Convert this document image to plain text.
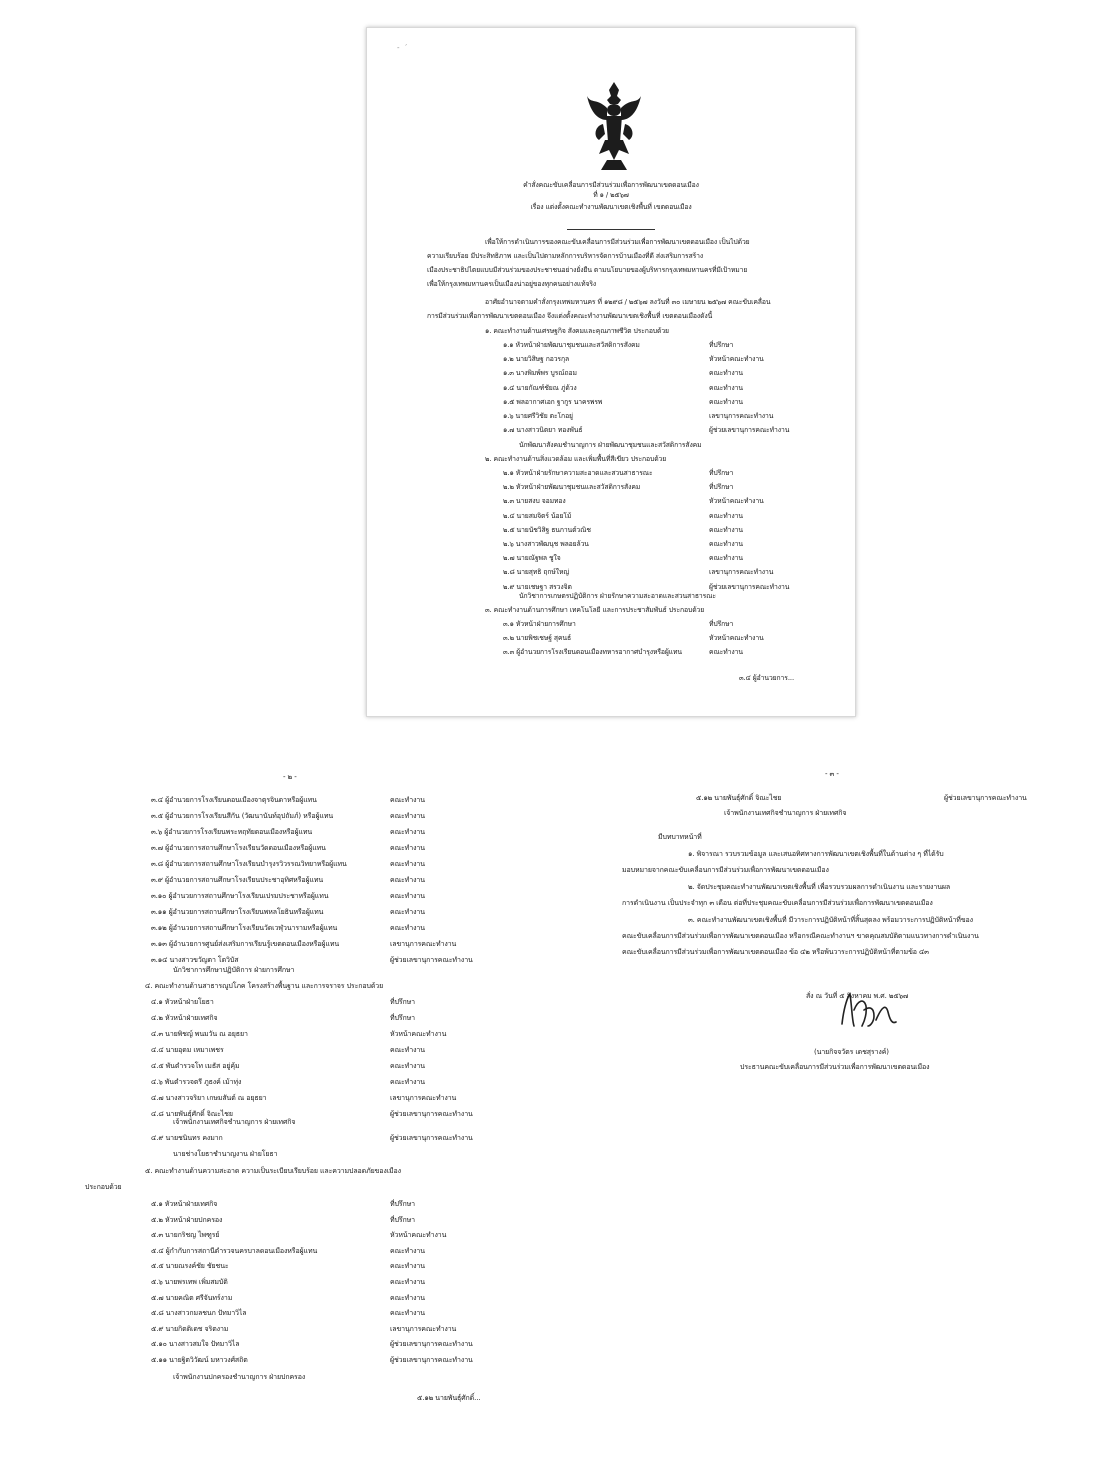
-  ´
คำสั่งคณะขับเคลื่อนการมีส่วนร่วมเพื่อการพัฒนาเขตดอนเมือง
ที่ ๑ / ๒๕๖๗
เรื่อง แต่งตั้งคณะทำงานพัฒนาเขตเชิงพื้นที่ เขตดอนเมือง
เพื่อให้การดำเนินการของคณะขับเคลื่อนการมีส่วนร่วมเพื่อการพัฒนาเขตดอนเมือง เป็นไปด้วย
ความเรียบร้อย มีประสิทธิภาพ และเป็นไปตามหลักการบริหารจัดการบ้านเมืองที่ดี ส่งเสริมการสร้าง
เมืองประชาธิปไตยแบบมีส่วนร่วมของประชาชนอย่างยั่งยืน ตามนโยบายของผู้บริหารกรุงเทพมหานครที่มีเป้าหมาย
เพื่อให้กรุงเทพมหานครเป็นเมืองน่าอยู่ของทุกคนอย่างแท้จริง
อาศัยอำนาจตามคำสั่งกรุงเทพมหานคร ที่ ๑๒๙๘ / ๒๕๖๗ ลงวันที่ ๓๐ เมษายน ๒๕๖๗ คณะขับเคลื่อน
การมีส่วนร่วมเพื่อการพัฒนาเขตดอนเมือง จึงแต่งตั้งคณะทำงานพัฒนาเขตเชิงพื้นที่ เขตดอนเมืองดังนี้
๑. คณะทำงานด้านเศรษฐกิจ สังคมและคุณภาพชีวิต ประกอบด้วย
๑.๑ หัวหน้าฝ่ายพัฒนาชุมชนและสวัสดิการสังคม	ที่ปรึกษา
๑.๒ นายวิสิษฐ กอวรกุล	หัวหน้าคณะทำงาน
๑.๓ นางพิมพ์พร บูรณ์ถอม	คณะทำงาน
๑.๔ นายกัณฑ์ชัยณ ภู่ด้วง	คณะทำงาน
๑.๕ พลอากาศเอก ฐากูร นาครพรพ	คณะทำงาน
๑.๖ นายศรีวิชัย ตะโกอยู่	เลขานุการคณะทำงาน
๑.๗ นางสาวนิตยา ทองพันธ์	ผู้ช่วยเลขานุการคณะทำงาน
นักพัฒนาสังคมชำนาญการ ฝ่ายพัฒนาชุมชนและสวัสดิการสังคม
๒. คณะทำงานด้านสิ่งแวดล้อม และเพิ่มพื้นที่สีเขียว ประกอบด้วย
๒.๑ หัวหน้าฝ่ายรักษาความสะอาดและสวนสาธารณะ	ที่ปรึกษา
๒.๒ หัวหน้าฝ่ายพัฒนาชุมชนและสวัสดิการสังคม	ที่ปรึกษา
๒.๓ นายสงบ จอมทอง	หัวหน้าคณะทำงาน
๒.๔ นายสมจิตร์ น้อยโม้	คณะทำงาน
๒.๕ นายนัชวิสิฐ ธนกานต์วณิช	คณะทำงาน
๒.๖ นางสาวพัฒนุช พลอยล้วน	คณะทำงาน
๒.๗ นายณัฐพล ชูใจ	คณะทำงาน
๒.๘ นายสุทธิ ฤกษ์ใหญ่	เลขานุการคณะทำงาน
๒.๙ นายเชษฐา สรวงจิต	ผู้ช่วยเลขานุการคณะทำงาน
นักวิชาการเกษตรปฏิบัติการ ฝ่ายรักษาความสะอาดและสวนสาธารณะ
๓. คณะทำงานด้านการศึกษา เทคโนโลยี และการประชาสัมพันธ์ ประกอบด้วย
๓.๑ หัวหน้าฝ่ายการศึกษา	ที่ปรึกษา
๓.๒ นายพิชเชษฐ์ สุคนธ์	หัวหน้าคณะทำงาน
๓.๓ ผู้อำนวยการโรงเรียนดอนเมืองทหารอากาศบำรุงหรือผู้แทน	คณะทำงาน
๓.๔ ผู้อำนวยการ...
- ๒ -
๓.๔ ผู้อำนวยการโรงเรียนดอนเมืองจาตุรจินดาหรือผู้แทน	คณะทำงาน
๓.๕ ผู้อำนวยการโรงเรียนสีกัน (วัฒนานันท์อุปถัมภ์) หรือผู้แทน	คณะทำงาน
๓.๖ ผู้อำนวยการโรงเรียนพระหฤทัยดอนเมืองหรือผู้แทน	คณะทำงาน
๓.๗ ผู้อำนวยการสถานศึกษาโรงเรียนวัดดอนเมืองหรือผู้แทน	คณะทำงาน
๓.๘ ผู้อำนวยการสถานศึกษาโรงเรียนบำรุงรวิวรรณวิทยาหรือผู้แทน	คณะทำงาน
๓.๙ ผู้อำนวยการสถานศึกษาโรงเรียนประชาอุทิศหรือผู้แทน	คณะทำงาน
๓.๑๐ ผู้อำนวยการสถานศึกษาโรงเรียนเปรมประชาหรือผู้แทน	คณะทำงาน
๓.๑๑ ผู้อำนวยการสถานศึกษาโรงเรียนพหลโยธินหรือผู้แทน	คณะทำงาน
๓.๑๒ ผู้อำนวยการสถานศึกษาโรงเรียนวัดเวฬุวนารามหรือผู้แทน	คณะทำงาน
๓.๑๓ ผู้อำนวยการศูนย์ส่งเสริมการเรียนรู้เขตดอนเมืองหรือผู้แทน	เลขานุการคณะทำงาน
๓.๑๔ นางสาวขวัญตา โตวิบัส	ผู้ช่วยเลขานุการคณะทำงาน
นักวิชาการศึกษาปฏิบัติการ ฝ่ายการศึกษา
๔. คณะทำงานด้านสาธารณูปโภค โครงสร้างพื้นฐาน และการจราจร ประกอบด้วย
๔.๑ หัวหน้าฝ่ายโยธา	ที่ปรึกษา
๔.๒ หัวหน้าฝ่ายเทศกิจ	ที่ปรึกษา
๔.๓ นายพิชญ์ พนมวัน ณ อยุธยา	หัวหน้าคณะทำงาน
๔.๔ นายอุดม เหมาเพชร	คณะทำงาน
๔.๕ พันตำรวจโท เมธัส อยู่คุ้ม	คณะทำงาน
๔.๖ พันตำรวจตรี ภูธงค์ เม้าทุ่ง	คณะทำงาน
๔.๗ นางสาวจริยา เกษมสันต์ ณ อยุธยา	เลขานุการคณะทำงาน
๔.๘ นายพันธุ์ศักดิ์ จิณะไชย	ผู้ช่วยเลขานุการคณะทำงาน
เจ้าพนักงานเทศกิจชำนาญการ ฝ่ายเทศกิจ
๔.๙ นายชนินทร คงมาก	ผู้ช่วยเลขานุการคณะทำงาน
นายช่างโยธาชำนาญงาน ฝ่ายโยธา
๕. คณะทำงานด้านความสะอาด ความเป็นระเบียบเรียบร้อย และความปลอดภัยของเมือง
ประกอบด้วย
๕.๑ หัวหน้าฝ่ายเทศกิจ	ที่ปรึกษา
๕.๒ หัวหน้าฝ่ายปกครอง	ที่ปรึกษา
๕.๓ นายกริชญ ไพฑูรย์	หัวหน้าคณะทำงาน
๕.๔ ผู้กำกับการสถานีตำรวจนครบาลดอนเมืองหรือผู้แทน	คณะทำงาน
๕.๕ นายณรงค์ชัย ชัยชนะ	คณะทำงาน
๕.๖ นายพรเทพ เพิ่มสมบัติ	คณะทำงาน
๕.๗ นายคณิต ศรีจันทร์งาม	คณะทำงาน
๕.๘ นางสาวกมลชนก ปัทมาวิไล	คณะทำงาน
๕.๙ นายกิตติเดช จริตงาม	เลขานุการคณะทำงาน
๕.๑๐ นางสาวสมใจ ปัทมาวิไล	ผู้ช่วยเลขานุการคณะทำงาน
๕.๑๑ นายฐิตวิวัฒน์ มหาวงศ์สถิต	ผู้ช่วยเลขานุการคณะทำงาน
เจ้าพนักงานปกครองชำนาญการ ฝ่ายปกครอง
๕.๑๒ นายพันธุ์ศักดิ์...
- ๓ -
๕.๑๒ นายพันธุ์ศักดิ์ จิณะไชย	ผู้ช่วยเลขานุการคณะทำงาน
เจ้าพนักงานเทศกิจชำนาญการ ฝ่ายเทศกิจ
มีบทบาทหน้าที่
๑. พิจารณา รวบรวมข้อมูล และเสนอทิศทางการพัฒนาเขตเชิงพื้นที่ในด้านต่าง ๆ ที่ได้รับ
มอบหมายจากคณะขับเคลื่อนการมีส่วนร่วมเพื่อการพัฒนาเขตดอนเมือง
๒. จัดประชุมคณะทำงานพัฒนาเขตเชิงพื้นที่ เพื่อรวบรวมผลการดำเนินงาน และรายงานผล
การดำเนินงาน เป็นประจำทุก ๓ เดือน ต่อที่ประชุมคณะขับเคลื่อนการมีส่วนร่วมเพื่อการพัฒนาเขตดอนเมือง
๓. คณะทำงานพัฒนาเขตเชิงพื้นที่ มีวาระการปฏิบัติหน้าที่สิ้นสุดลง พร้อมวาระการปฏิบัติหน้าที่ของ
คณะขับเคลื่อนการมีส่วนร่วมเพื่อการพัฒนาเขตดอนเมือง หรือกรณีคณะทำงานฯ ขาดคุณสมบัติตามแนวทางการดำเนินงาน
คณะขับเคลื่อนการมีส่วนร่วมเพื่อการพัฒนาเขตดอนเมือง ข้อ ๔๒ หรือพ้นวาระการปฏิบัติหน้าที่ตามข้อ ๔๓
สั่ง ณ วันที่ ๕ สิงหาคม พ.ศ. ๒๕๖๗
(นายกิจจวัตร เดชสุรางค์)
ประธานคณะขับเคลื่อนการมีส่วนร่วมเพื่อการพัฒนาเขตดอนเมือง
